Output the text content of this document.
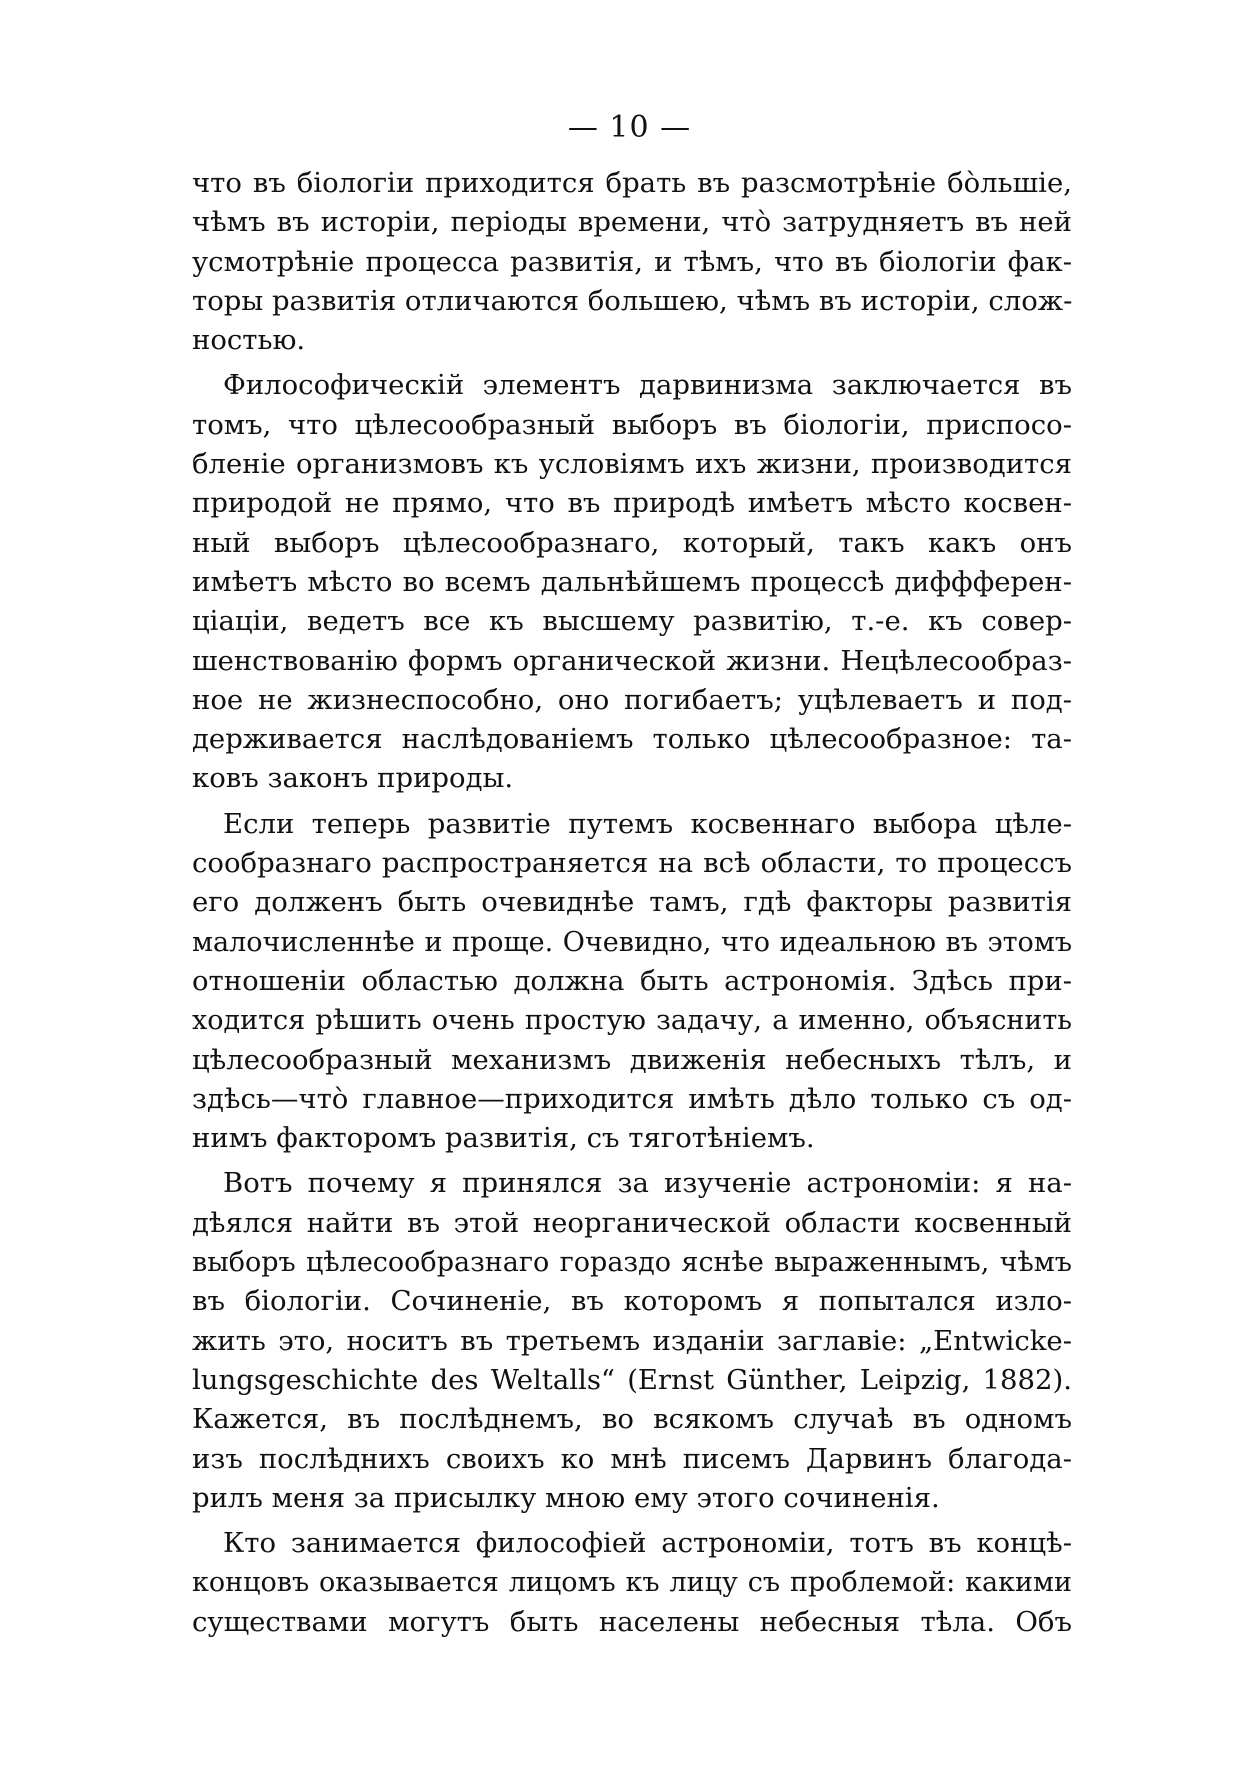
— 10 —
что въ біологіи приходится брать въ разсмотрѣніе бо̀льшіе,
чѣмъ въ исторіи, періоды времени, что̀ затрудняетъ въ ней
усмотрѣніе процесса развитія, и тѣмъ, что въ біологіи фак-
торы развитія отличаются большею, чѣмъ въ исторіи, слож-
ностью.
Философическій элементъ дарвинизма заключается въ
томъ, что цѣлесообразный выборъ въ біологіи, приспосо-
бленіе организмовъ къ условіямъ ихъ жизни, производится
природой не прямо, что въ природѣ имѣетъ мѣсто косвен-
ный выборъ цѣлесообразнаго, который, такъ какъ онъ
имѣетъ мѣсто во всемъ дальнѣйшемъ процессѣ диффферен-
ціаціи, ведетъ все къ высшему развитію, т.-е. къ совер-
шенствованію формъ органической жизни. Нецѣлесообраз-
ное не жизнеспособно, оно погибаетъ; уцѣлеваетъ и под-
держивается наслѣдованіемъ только цѣлесообразное: та-
ковъ законъ природы.
Если теперь развитіе путемъ косвеннаго выбора цѣле-
сообразнаго распространяется на всѣ области, то процессъ
его долженъ быть очевиднѣе тамъ, гдѣ факторы развитія
малочисленнѣе и проще. Очевидно, что идеальною въ этомъ
отношеніи областью должна быть астрономія. Здѣсь при-
ходится рѣшить очень простую задачу, а именно, объяснить
цѣлесообразный механизмъ движенія небесныхъ тѣлъ, и
здѣсь—что̀ главное—приходится имѣть дѣло только съ од-
нимъ факторомъ развитія, съ тяготѣніемъ.
Вотъ почему я принялся за изученіе астрономіи: я на-
дѣялся найти въ этой неорганической области косвенный
выборъ цѣлесообразнаго гораздо яснѣе выраженнымъ, чѣмъ
въ біологіи. Сочиненіе, въ которомъ я попытался изло-
жить это, носитъ въ третьемъ изданіи заглавіе: „Entwicke-
lungsgeschichte des Weltalls“ (Ernst Günther, Leipzig, 1882).
Кажется, въ послѣднемъ, во всякомъ случаѣ въ одномъ
изъ послѣднихъ своихъ ко мнѣ писемъ Дарвинъ благода-
рилъ меня за присылку мною ему этого сочиненія.
Кто занимается философіей астрономіи, тотъ въ концѣ-
концовъ оказывается лицомъ къ лицу съ проблемой: какими
существами могутъ быть населены небесныя тѣла. Объ
